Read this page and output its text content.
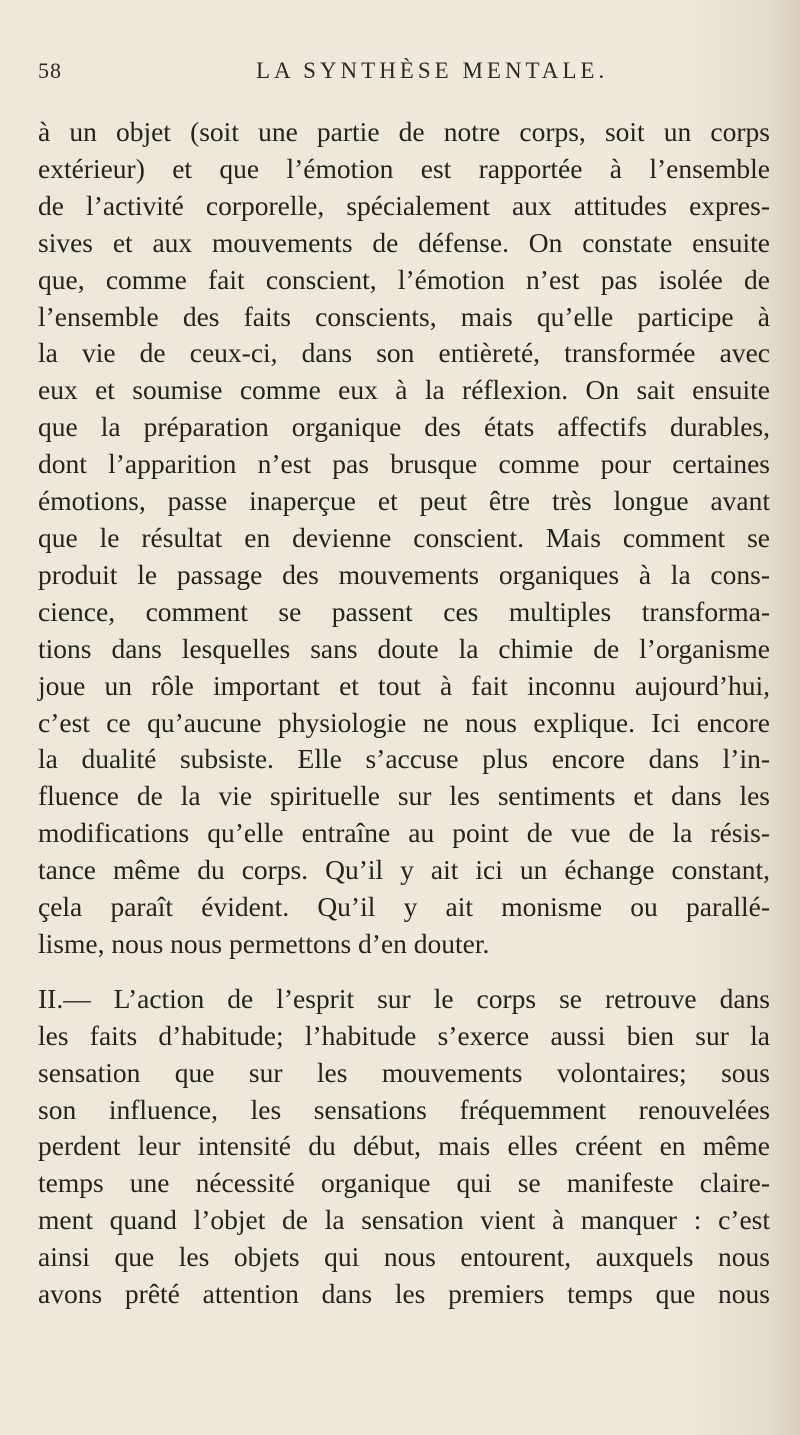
58	LA SYNTHÈSE MENTALE.
à un objet (soit une partie de notre corps, soit un corps
extérieur) et que l’émotion est rapportée à l’ensemble
de l’activité corporelle, spécialement aux attitudes expres-
sives et aux mouvements de défense. On constate ensuite
que, comme fait conscient, l’émotion n’est pas isolée de
l’ensemble des faits conscients, mais qu’elle participe à
la vie de ceux-ci, dans son entièreté, transformée avec
eux et soumise comme eux à la réflexion. On sait ensuite
que la préparation organique des états affectifs durables,
dont l’apparition n’est pas brusque comme pour certaines
émotions, passe inaperçue et peut être très longue avant
que le résultat en devienne conscient. Mais comment se
produit le passage des mouvements organiques à la cons-
cience, comment se passent ces multiples transforma-
tions dans lesquelles sans doute la chimie de l’organisme
joue un rôle important et tout à fait inconnu aujourd’hui,
c’est ce qu’aucune physiologie ne nous explique. Ici encore
la dualité subsiste. Elle s’accuse plus encore dans l’in-
fluence de la vie spirituelle sur les sentiments et dans les
modifications qu’elle entraîne au point de vue de la résis-
tance même du corps. Qu’il y ait ici un échange constant,
çela paraît évident. Qu’il y ait monisme ou parallé-
lisme, nous nous permettons d’en douter.
II.— L’action de l’esprit sur le corps se retrouve dans
les faits d’habitude; l’habitude s’exerce aussi bien sur la
sensation que sur les mouvements volontaires; sous
son influence, les sensations fréquemment renouvelées
perdent leur intensité du début, mais elles créent en même
temps une nécessité organique qui se manifeste claire-
ment quand l’objet de la sensation vient à manquer : c’est
ainsi que les objets qui nous entourent, auxquels nous
avons prêté attention dans les premiers temps que nous
